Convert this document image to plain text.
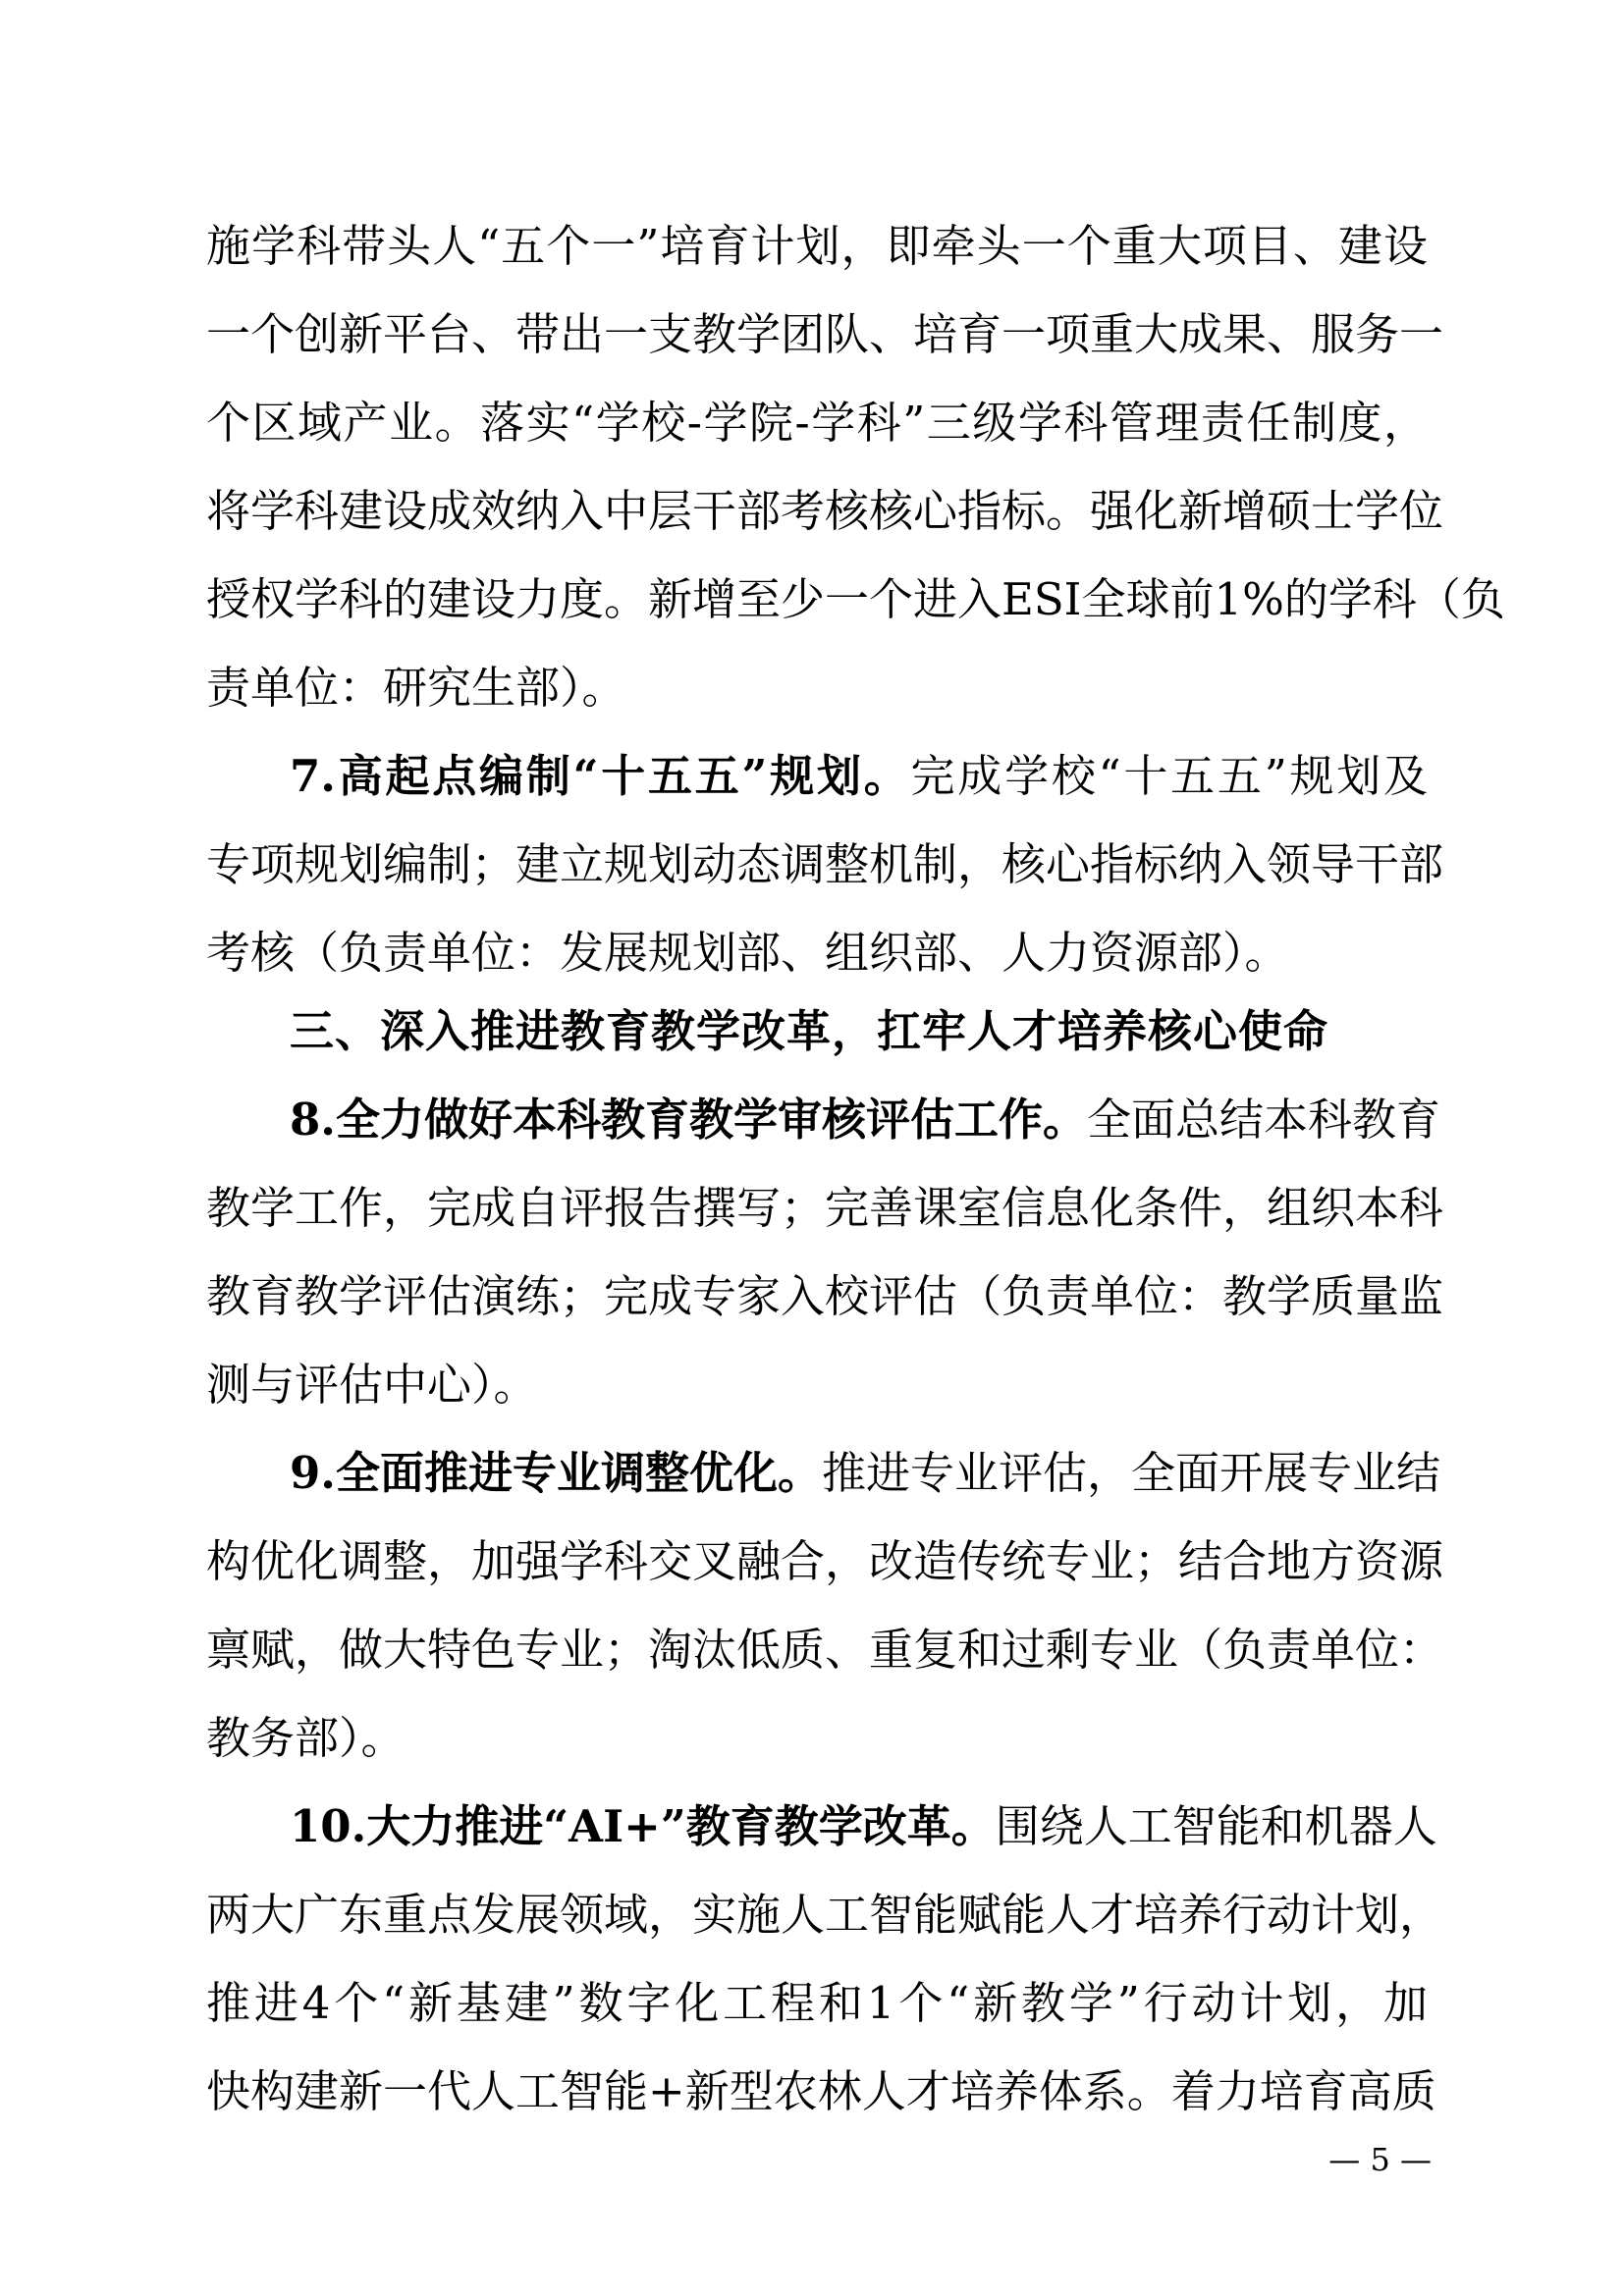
施学科带头人“五个一”培育计划，即牵头一个重大项目、建设
一个创新平台、带出一支教学团队、培育一项重大成果、服务一
个区域产业。落实“学校-学院-学科”三级学科管理责任制度，
将学科建设成效纳入中层干部考核核心指标。强化新增硕士学位
授权学科的建设力度。新增至少一个进入ESI全球前1%的学科（负
责单位：研究生部）。
7.高起点编制“十五五”规划。完成学校“十五五”规划及
专项规划编制；建立规划动态调整机制，核心指标纳入领导干部
考核（负责单位：发展规划部、组织部、人力资源部）。
三、深入推进教育教学改革，扛牢人才培养核心使命
8.全力做好本科教育教学审核评估工作。全面总结本科教育
教学工作，完成自评报告撰写；完善课室信息化条件，组织本科
教育教学评估演练；完成专家入校评估（负责单位：教学质量监
测与评估中心）。
9.全面推进专业调整优化。推进专业评估，全面开展专业结
构优化调整，加强学科交叉融合，改造传统专业；结合地方资源
禀赋，做大特色专业；淘汰低质、重复和过剩专业（负责单位：
教务部）。
10.大力推进“AI+”教育教学改革。围绕人工智能和机器人
两大广东重点发展领域，实施人工智能赋能人才培养行动计划，
推进4个“新基建”数字化工程和1个“新教学”行动计划，加
快构建新一代人工智能+新型农林人才培养体系。着力培育高质
— 5 —
